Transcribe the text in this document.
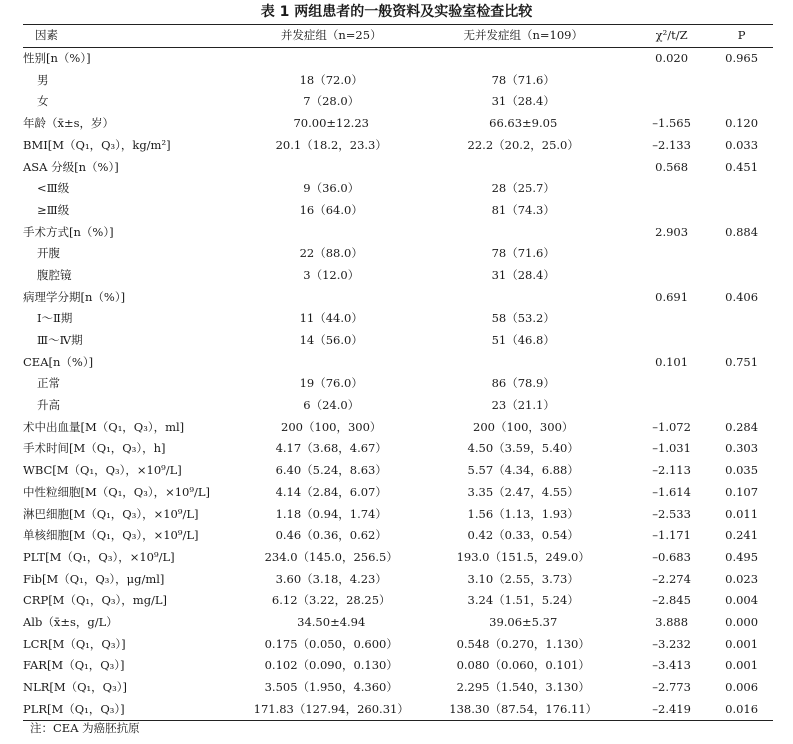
表 1 两组患者的一般资料及实验室检查比较
因素	并发症组（n=25）	无并发症组（n=109）	χ²/t/Z	P
性别[n（%）]			0.020	0.965
男	18（72.0）	78（71.6）		
女	7（28.0）	31（28.4）		
年龄（x̄±s，岁）	70.00±12.23	66.63±9.05	–1.565	0.120
BMI[M（Q₁，Q₃），kg/m²]	20.1（18.2，23.3）	22.2（20.2，25.0）	–2.133	0.033
ASA 分级[n（%）]			0.568	0.451
<Ⅲ级	9（36.0）	28（25.7）		
≥Ⅲ级	16（64.0）	81（74.3）		
手术方式[n（%）]			2.903	0.884
开腹	22（88.0）	78（71.6）		
腹腔镜	3（12.0）	31（28.4）		
病理学分期[n（%）]			0.691	0.406
Ⅰ～Ⅱ期	11（44.0）	58（53.2）		
Ⅲ～Ⅳ期	14（56.0）	51（46.8）		
CEA[n（%）]			0.101	0.751
正常	19（76.0）	86（78.9）		
升高	6（24.0）	23（21.1）		
术中出血量[M（Q₁，Q₃），ml]	200（100，300）	200（100，300）	–1.072	0.284
手术时间[M（Q₁，Q₃），h]	4.17（3.68，4.67）	4.50（3.59，5.40）	–1.031	0.303
WBC[M（Q₁，Q₃），×10⁹/L]	6.40（5.24，8.63）	5.57（4.34，6.88）	–2.113	0.035
中性粒细胞[M（Q₁，Q₃），×10⁹/L]	4.14（2.84，6.07）	3.35（2.47，4.55）	–1.614	0.107
淋巴细胞[M（Q₁，Q₃），×10⁹/L]	1.18（0.94，1.74）	1.56（1.13，1.93）	–2.533	0.011
单核细胞[M（Q₁，Q₃），×10⁹/L]	0.46（0.36，0.62）	0.42（0.33，0.54）	–1.171	0.241
PLT[M（Q₁，Q₃），×10⁹/L]	234.0（145.0，256.5）	193.0（151.5，249.0）	–0.683	0.495
Fib[M（Q₁，Q₃），μg/ml]	3.60（3.18，4.23）	3.10（2.55，3.73）	–2.274	0.023
CRP[M（Q₁，Q₃），mg/L]	6.12（3.22，28.25）	3.24（1.51，5.24）	–2.845	0.004
Alb（x̄±s，g/L）	34.50±4.94	39.06±5.37	3.888	0.000
LCR[M（Q₁，Q₃）]	0.175（0.050，0.600）	0.548（0.270，1.130）	–3.232	0.001
FAR[M（Q₁，Q₃）]	0.102（0.090，0.130）	0.080（0.060，0.101）	–3.413	0.001
NLR[M（Q₁，Q₃）]	3.505（1.950，4.360）	2.295（1.540，3.130）	–2.773	0.006
PLR[M（Q₁，Q₃）]	171.83（127.94，260.31）	138.30（87.54，176.11）	–2.419	0.016
注：CEA 为癌胚抗原
